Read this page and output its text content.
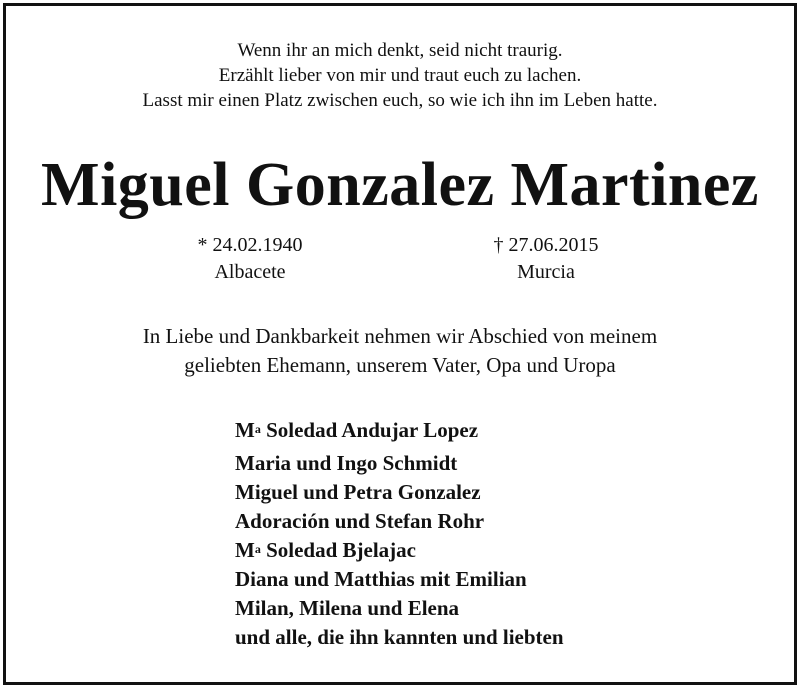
Wenn ihr an mich denkt, seid nicht traurig.
Erzählt lieber von mir und traut euch zu lachen.
Lasst mir einen Platz zwischen euch, so wie ich ihn im Leben hatte.
Miguel Gonzalez Martinez
* 24.02.1940
Albacete
† 27.06.2015
Murcia
In Liebe und Dankbarkeit nehmen wir Abschied von meinem
geliebten Ehemann, unserem Vater, Opa und Uropa
$M^a$ Soledad Andujar Lopez
Maria und Ingo Schmidt
Miguel und Petra Gonzalez
Adoración und Stefan Rohr
$M^a$ Soledad Bjelajac
Diana und Matthias mit Emilian
Milan, Milena und Elena
und alle, die ihn kannten und liebten
